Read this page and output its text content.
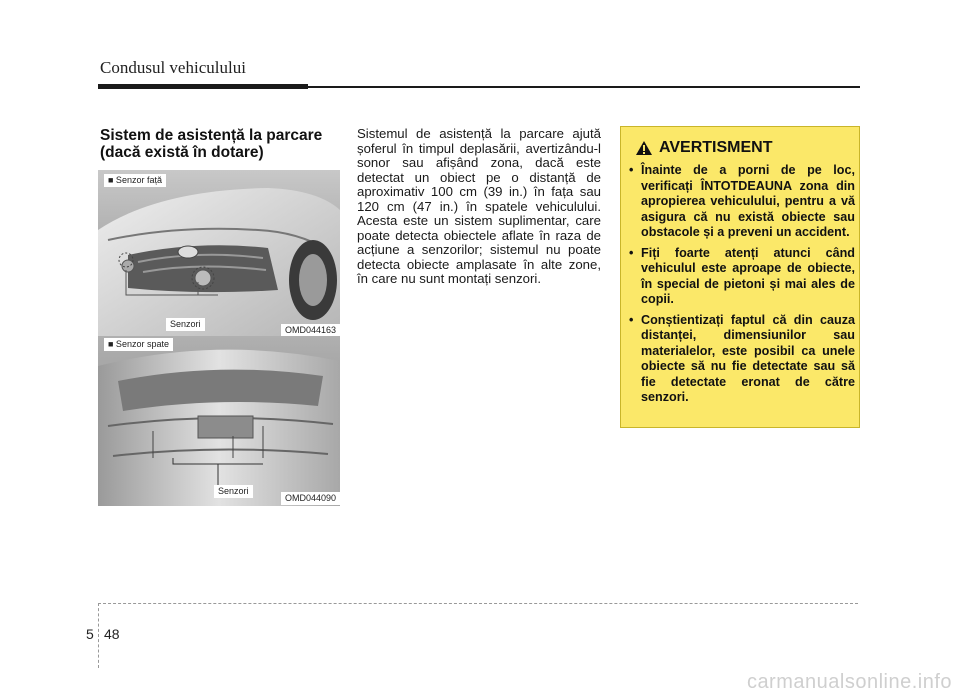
Condusul vehiculului
Sistem de asistență la parcare (dacă există în dotare)
■ Senzor față
Senzori
OMD044163
■ Senzor spate
Senzori
OMD044090
Sistemul de asistență la parcare ajută șoferul în timpul deplasării, avertizându-l sonor sau afișând zona, dacă este detectat un obiect pe o distanță de aproximativ 100 cm (39 in.) în fața sau 120 cm (47 in.) în spatele vehiculului. Acesta este un sistem suplimentar, care poate detecta obiectele aflate în raza de acțiune a senzorilor; sistemul nu poate detecta obiecte amplasate în alte zone, în care nu sunt montați senzori.
AVERTISMENT
• Înainte de a porni de pe loc, verificați ÎNTOTDEAUNA zona din apropierea vehiculului, pentru a vă asigura că nu există obiecte sau obstacole și a preveni un accident.
• Fiți foarte atenți atunci când vehiculul este aproape de obiecte, în special de pietoni și mai ales de copii.
• Conștientizați faptul că din cauza distanței, dimensiunilor sau materialelor, este posibil ca unele obiecte să nu fie detectate sau să fie detectate eronat de către senzori.
5 48
carmanualsonline.info
